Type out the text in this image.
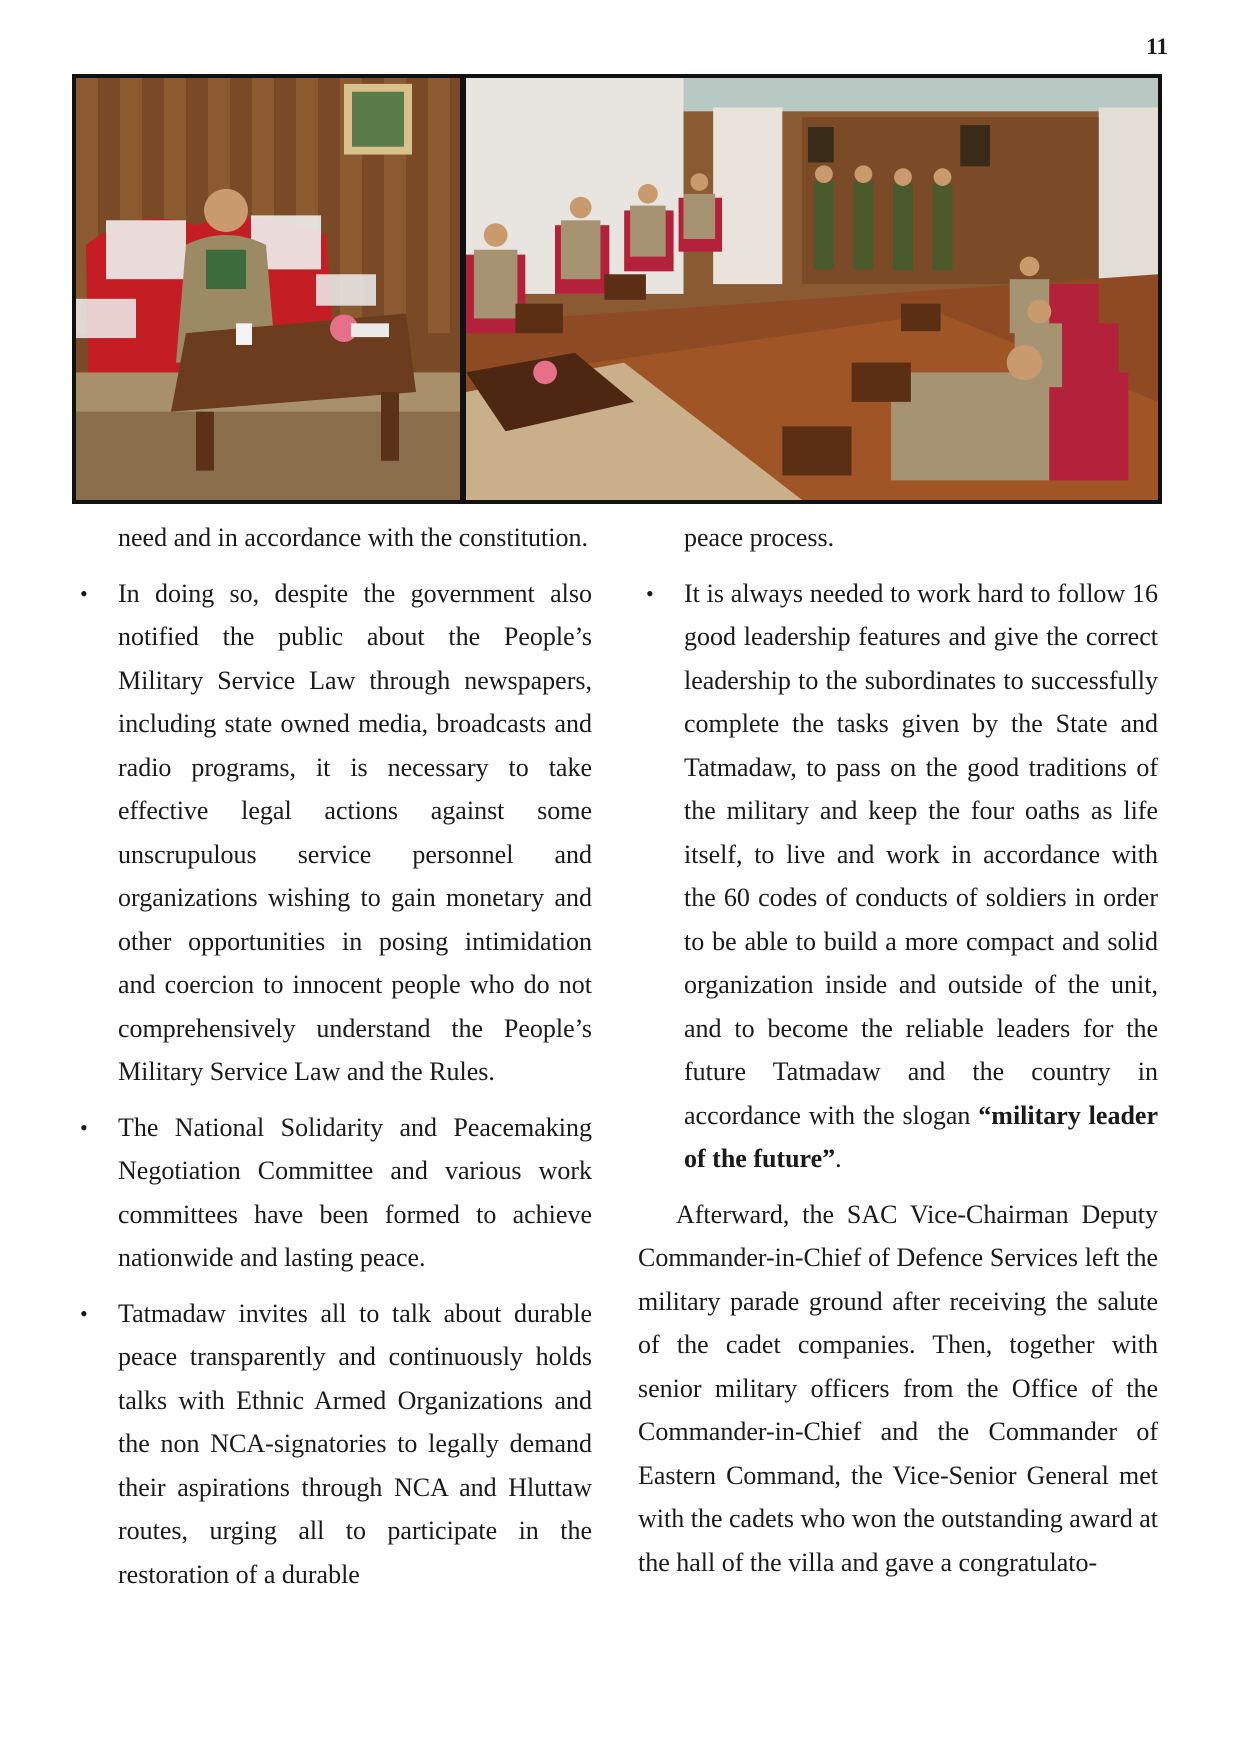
11

need and in accordance with the constitution.

• In doing so, despite the government also notified the public about the People’s Military Service Law through newspapers, including state owned media, broadcasts and radio programs, it is necessary to take effective legal actions against some unscrupulous service personnel and organizations wishing to gain monetary and other opportunities in posing intimidation and coercion to innocent people who do not comprehensively understand the People’s Military Service Law and the Rules.
• The National Solidarity and Peacemaking Negotiation Committee and various work committees have been formed to achieve nationwide and lasting peace.
• Tatmadaw invites all to talk about durable peace transparently and continuously holds talks with Ethnic Armed Organizations and the non NCA-signatories to legally demand their aspirations through NCA and Hluttaw routes, urging all to participate in the restoration of a durable

peace process.

• It is always needed to work hard to follow 16 good leadership features and give the correct leadership to the subordinates to successfully complete the tasks given by the State and Tatmadaw, to pass on the good traditions of the military and keep the four oaths as life itself, to live and work in accordance with the 60 codes of conducts of soldiers in order to be able to build a more compact and solid organization inside and outside of the unit, and to become the reliable leaders for the future Tatmadaw and the country in accordance with the slogan “military leader of the future”.

Afterward, the SAC Vice-Chairman Deputy Commander-in-Chief of Defence Services left the military parade ground after receiving the salute of the cadet companies. Then, together with senior military officers from the Office of the Commander-in-Chief and the Commander of Eastern Command, the Vice-Senior General met with the cadets who won the outstanding award at the hall of the villa and gave a congratulato-
